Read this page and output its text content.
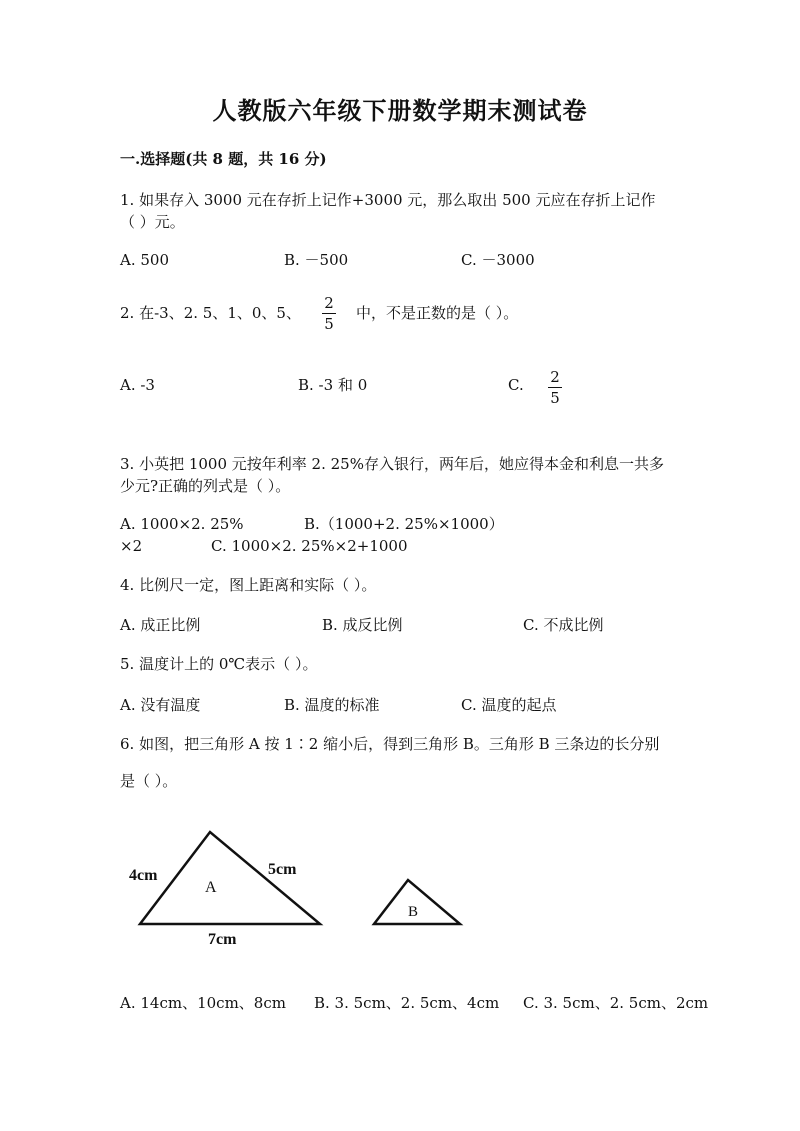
人教版六年级下册数学期末测试卷
一.选择题(共 8 题，共 16 分)
1. 如果存入 3000 元在存折上记作+3000 元，那么取出 500 元应在存折上记作
（ ）元。
A. 500	B. －500	C. －3000
2. 在-3、2. 5、1、0、5、
2
5
中，不是正数的是（ ）。
A. -3	B. -3 和 0	C.	2
5
3. 小英把 1000 元按年利率 2. 25%存入银行，两年后，她应得本金和利息一共多
少元?正确的列式是（ ）。
A. 1000×2. 25%	B.（1000+2. 25%×1000）
×2	C. 1000×2. 25%×2+1000
4. 比例尺一定，图上距离和实际（ ）。
A. 成正比例	B. 成反比例	C. 不成比例
5. 温度计上的 0℃表示（ ）。
A. 没有温度	B. 温度的标准	C. 温度的起点
6. 如图，把三角形 A 按 1∶2 缩小后，得到三角形 B。三角形 B 三条边的长分别
是（ ）。
A
B
4cm	5cm
7cm
A. 14cm、10cm、8cm B. 3. 5cm、2. 5cm、4cm C. 3. 5cm、2. 5cm、2cm
